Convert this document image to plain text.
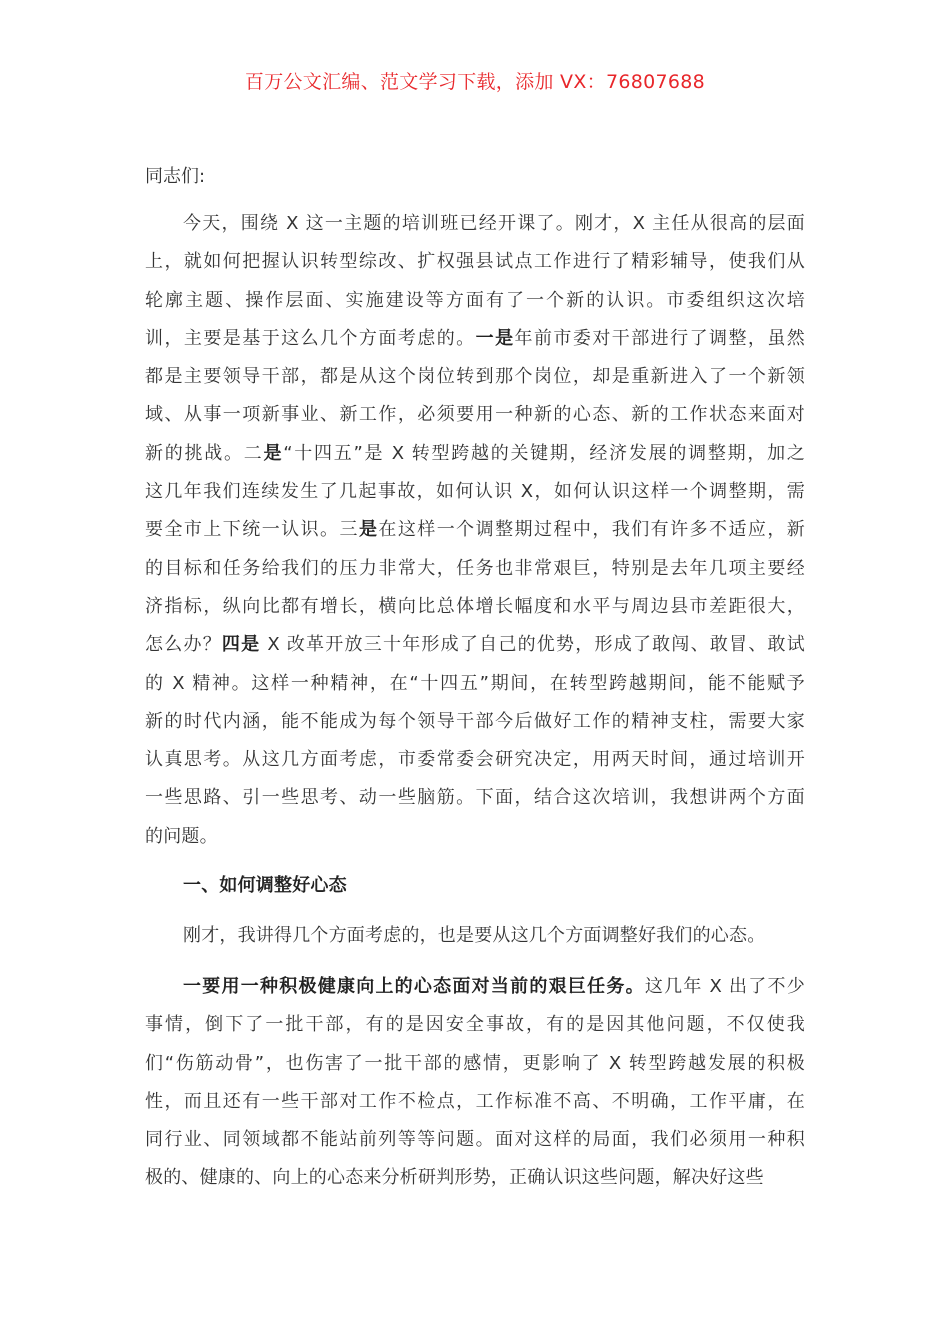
百万公文汇编、范文学习下载，添加 VX：76807688
同志们:
今天，围绕 X 这一主题的培训班已经开课了。刚才，X 主任从很高的层面
上，就如何把握认识转型综改、扩权强县试点工作进行了精彩辅导，使我们从
轮廓主题、操作层面、实施建设等方面有了一个新的认识。市委组织这次培
训，主要是基于这么几个方面考虑的。一是年前市委对干部进行了调整，虽然
都是主要领导干部，都是从这个岗位转到那个岗位，却是重新进入了一个新领
域、从事一项新事业、新工作，必须要用一种新的心态、新的工作状态来面对
新的挑战。二是“十四五”是 X 转型跨越的关键期，经济发展的调整期，加之
这几年我们连续发生了几起事故，如何认识 X，如何认识这样一个调整期，需
要全市上下统一认识。三是在这样一个调整期过程中，我们有许多不适应，新
的目标和任务给我们的压力非常大，任务也非常艰巨，特别是去年几项主要经
济指标，纵向比都有增长，横向比总体增长幅度和水平与周边县市差距很大，
怎么办？四是 X 改革开放三十年形成了自己的优势，形成了敢闯、敢冒、敢试
的 X 精神。这样一种精神，在“十四五”期间，在转型跨越期间，能不能赋予
新的时代内涵，能不能成为每个领导干部今后做好工作的精神支柱，需要大家
认真思考。从这几方面考虑，市委常委会研究决定，用两天时间，通过培训开
一些思路、引一些思考、动一些脑筋。下面，结合这次培训，我想讲两个方面
的问题。
一、如何调整好心态
刚才，我讲得几个方面考虑的，也是要从这几个方面调整好我们的心态。
一要用一种积极健康向上的心态面对当前的艰巨任务。这几年 X 出了不少
事情，倒下了一批干部，有的是因安全事故，有的是因其他问题，不仅使我
们“伤筋动骨”，也伤害了一批干部的感情，更影响了 X 转型跨越发展的积极
性，而且还有一些干部对工作不检点，工作标准不高、不明确，工作平庸，在
同行业、同领域都不能站前列等等问题。面对这样的局面，我们必须用一种积
极的、健康的、向上的心态来分析研判形势，正确认识这些问题，解决好这些
